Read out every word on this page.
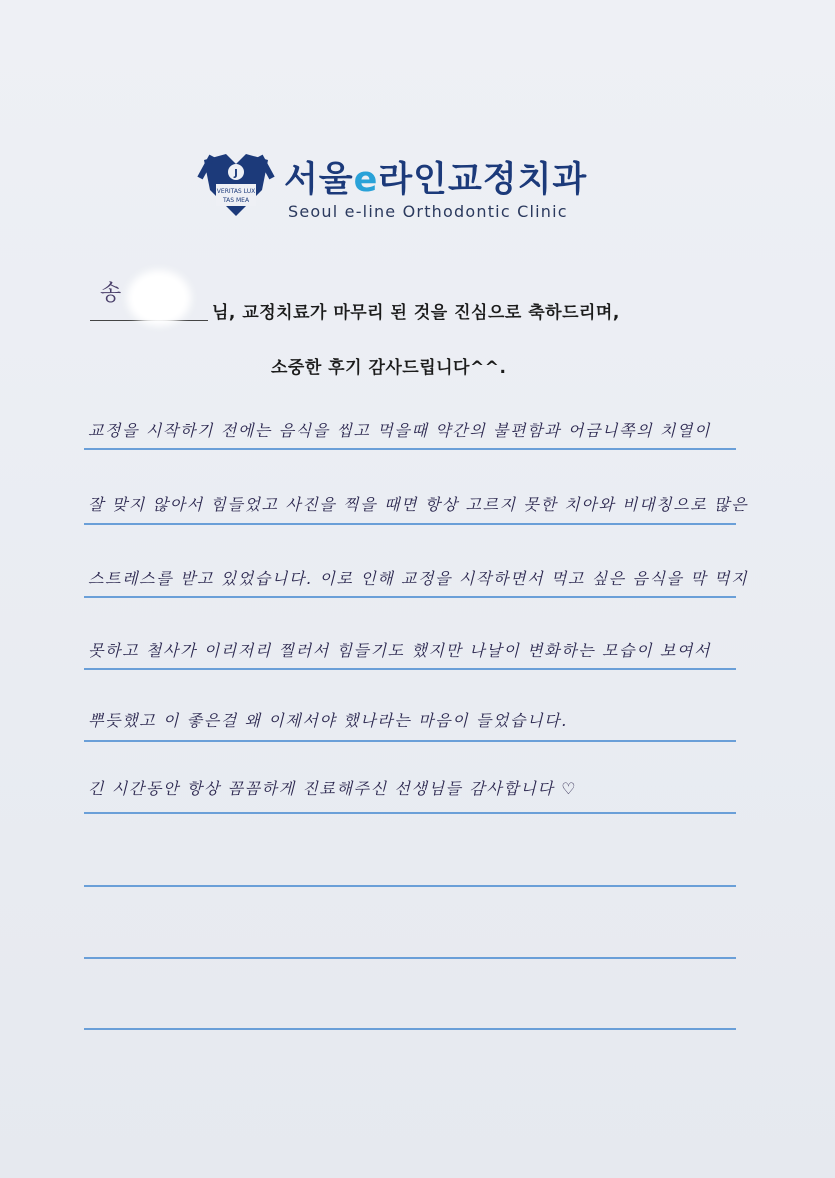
J
VERITAS LUX
TAS MEA
서울e라인교정치과
Seoul e-line Orthodontic Clinic
송
님, 교정치료가 마무리 된 것을 진심으로 축하드리며,
소중한 후기 감사드립니다^^.
교정을 시작하기 전에는 음식을 씹고 먹을때 약간의 불편함과 어금니쪽의 치열이
잘 맞지 않아서 힘들었고 사진을 찍을 때면 항상 고르지 못한 치아와 비대칭으로 많은
스트레스를 받고 있었습니다. 이로 인해 교정을 시작하면서 먹고 싶은 음식을 막 먹지
못하고 철사가 이리저리 찔러서 힘들기도 했지만 나날이 변화하는 모습이 보여서
뿌듯했고 이 좋은걸 왜 이제서야 했나라는 마음이 들었습니다.
긴 시간동안 항상 꼼꼼하게 진료해주신 선생님들 감사합니다 ♡
